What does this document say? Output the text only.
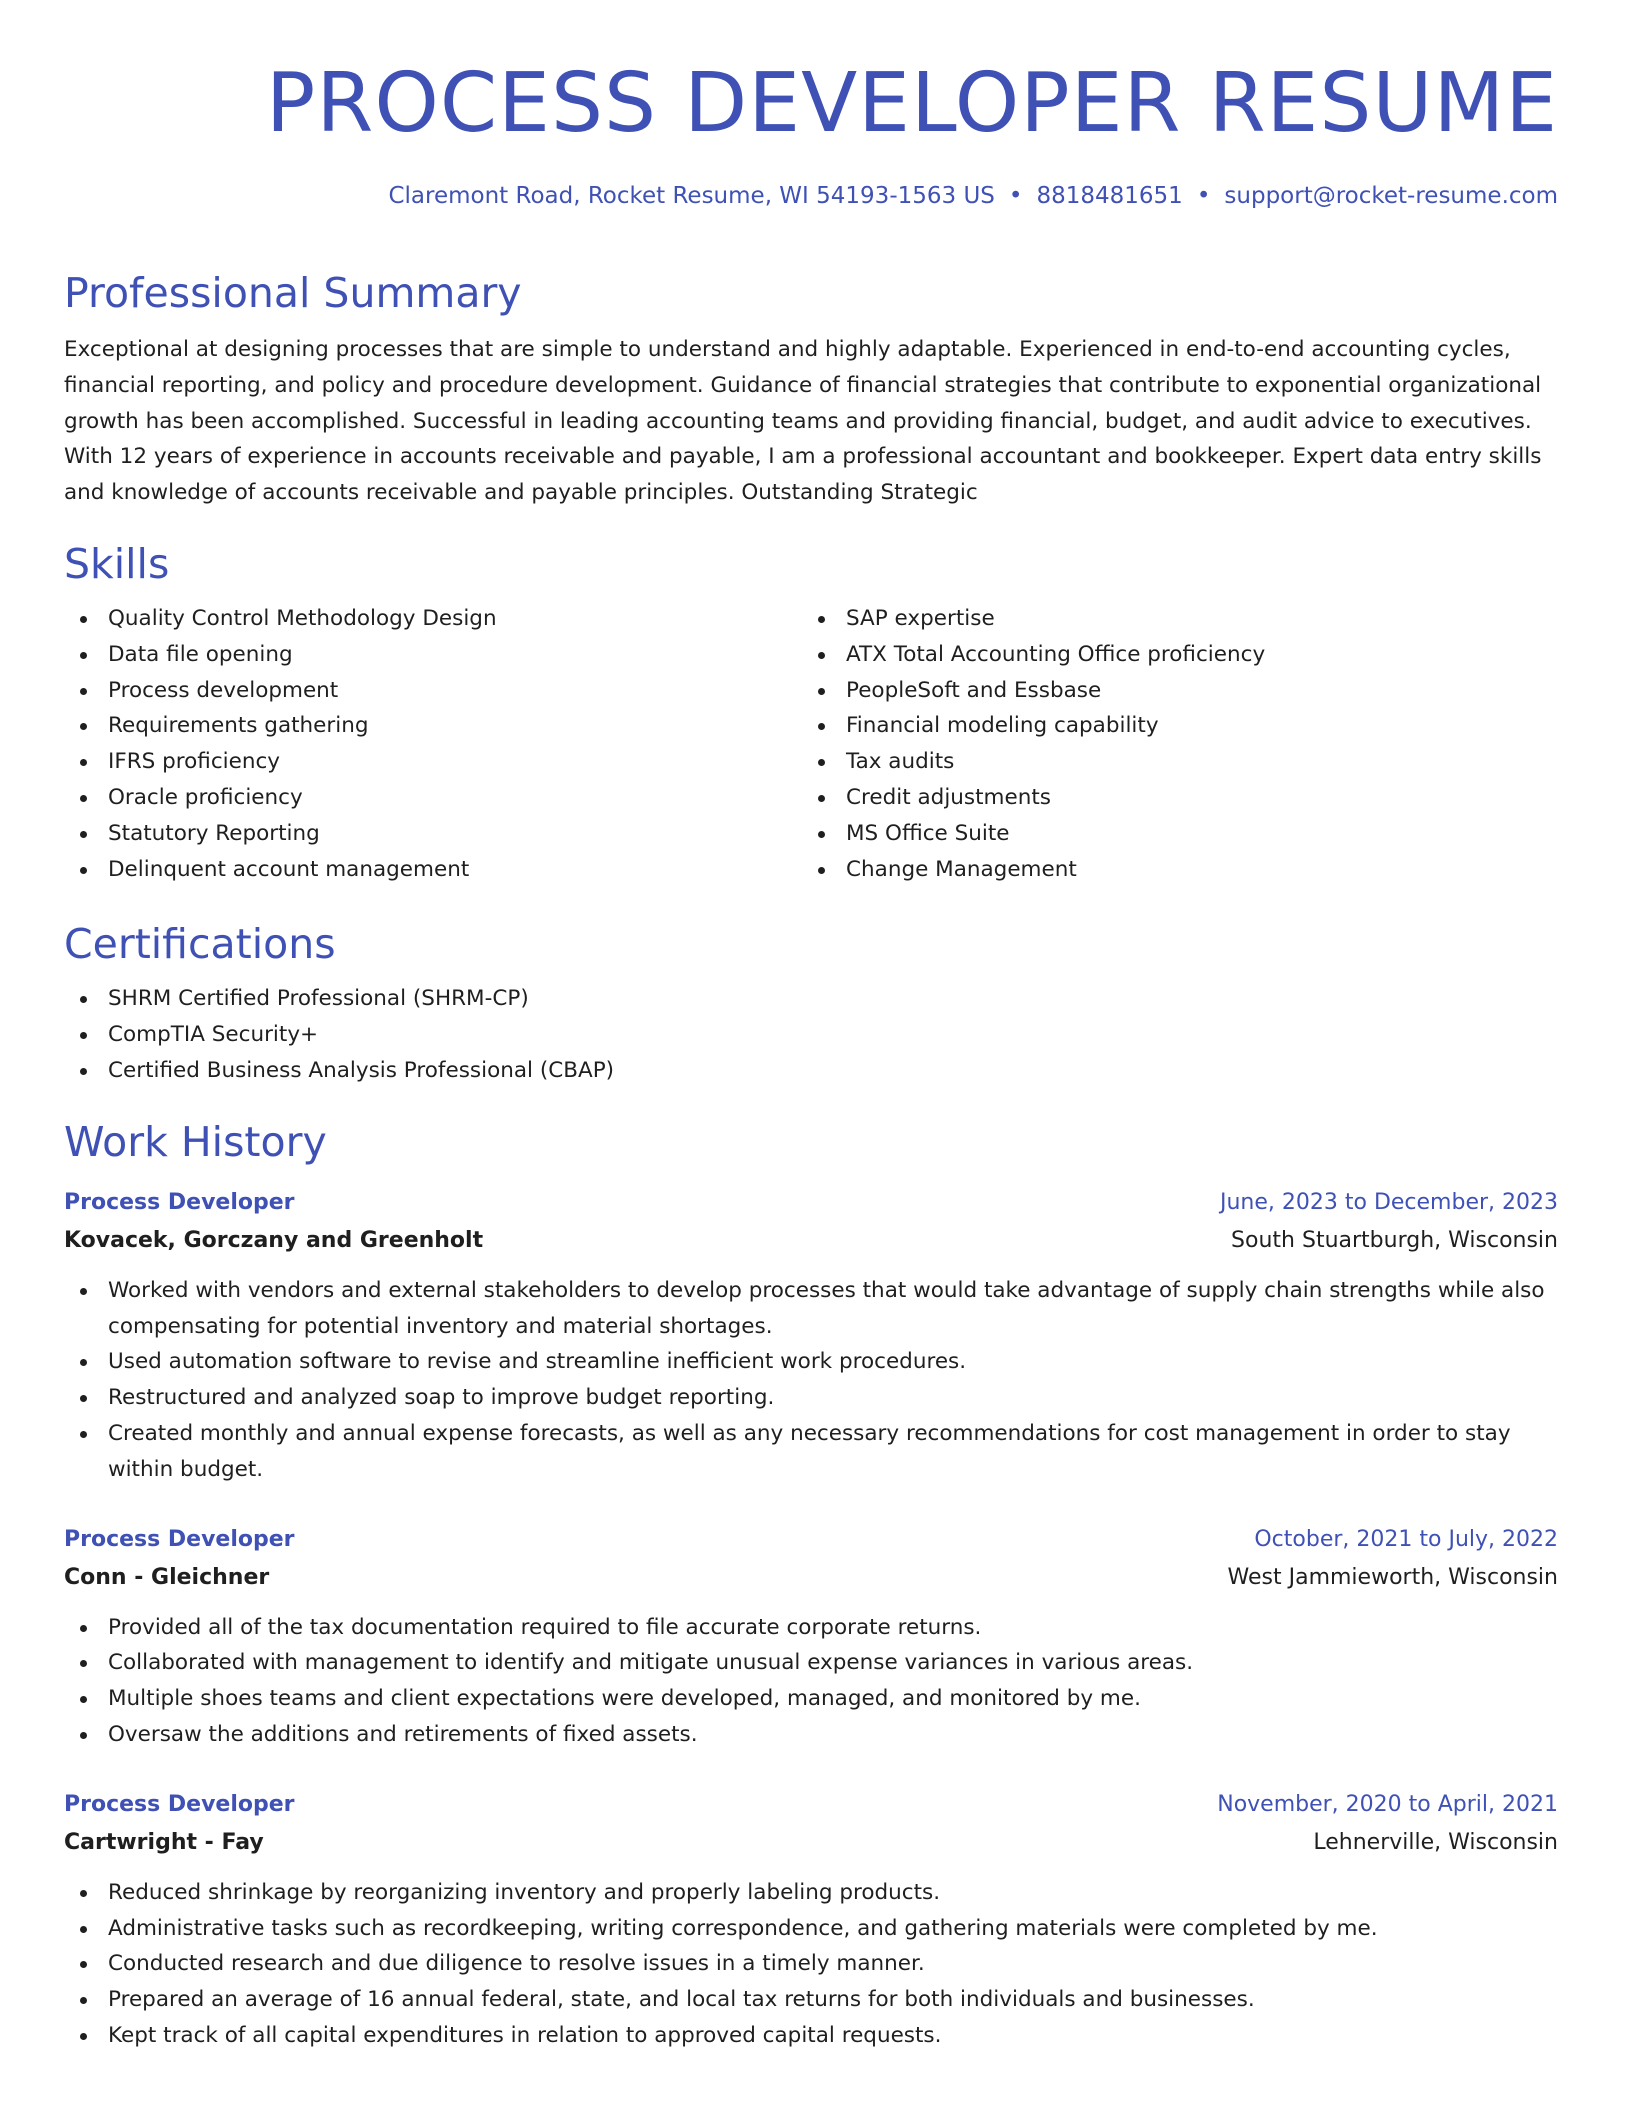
PROCESS DEVELOPER RESUME
Claremont Road, Rocket Resume, WI 54193-1563 US • 8818481651 • support@rocket-resume.com
Professional Summary
Exceptional at designing processes that are simple to understand and highly adaptable. Experienced in end-to-end accounting cycles, financial reporting, and policy and procedure development. Guidance of financial strategies that contribute to exponential organizational growth has been accomplished. Successful in leading accounting teams and providing financial, budget, and audit advice to executives. With 12 years of experience in accounts receivable and payable, I am a professional accountant and bookkeeper. Expert data entry skills and knowledge of accounts receivable and payable principles. Outstanding Strategic
Skills
Quality Control Methodology Design
Data file opening
Process development
Requirements gathering
IFRS proficiency
Oracle proficiency
Statutory Reporting
Delinquent account management
SAP expertise
ATX Total Accounting Office proficiency
PeopleSoft and Essbase
Financial modeling capability
Tax audits
Credit adjustments
MS Office Suite
Change Management
Certifications
SHRM Certified Professional (SHRM-CP)
CompTIA Security+
Certified Business Analysis Professional (CBAP)
Work History
Process Developer	June, 2023 to December, 2023
Kovacek, Gorczany and Greenholt	South Stuartburgh, Wisconsin
Worked with vendors and external stakeholders to develop processes that would take advantage of supply chain strengths while also compensating for potential inventory and material shortages.
Used automation software to revise and streamline inefficient work procedures.
Restructured and analyzed soap to improve budget reporting.
Created monthly and annual expense forecasts, as well as any necessary recommendations for cost management in order to stay within budget.
Process Developer	October, 2021 to July, 2022
Conn - Gleichner	West Jammieworth, Wisconsin
Provided all of the tax documentation required to file accurate corporate returns.
Collaborated with management to identify and mitigate unusual expense variances in various areas.
Multiple shoes teams and client expectations were developed, managed, and monitored by me.
Oversaw the additions and retirements of fixed assets.
Process Developer	November, 2020 to April, 2021
Cartwright - Fay	Lehnerville, Wisconsin
Reduced shrinkage by reorganizing inventory and properly labeling products.
Administrative tasks such as recordkeeping, writing correspondence, and gathering materials were completed by me.
Conducted research and due diligence to resolve issues in a timely manner.
Prepared an average of 16 annual federal, state, and local tax returns for both individuals and businesses.
Kept track of all capital expenditures in relation to approved capital requests.
